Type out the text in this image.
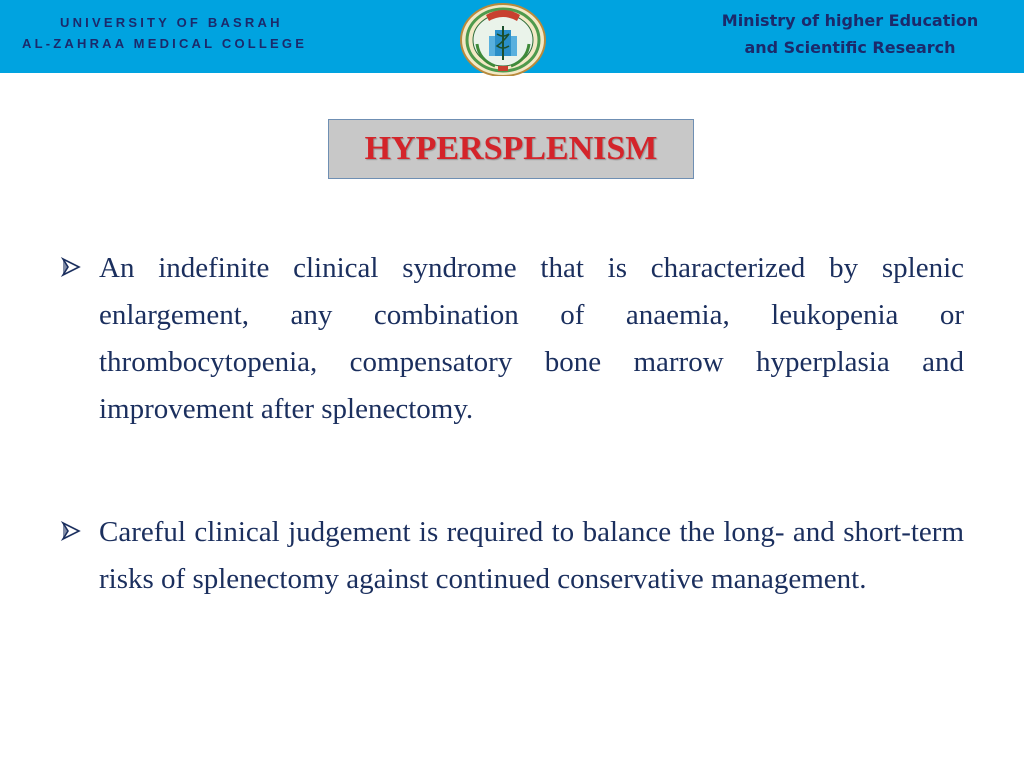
UNIVERSITY OF BASRAH
AL-ZAHRAA MEDICAL COLLEGE
Ministry of higher Education
and Scientific Research
HYPERSPLENISM
An indefinite clinical syndrome that is characterized by splenic enlargement, any combination of anaemia, leukopenia or thrombocytopenia, compensatory bone marrow hyperplasia and improvement after splenectomy.
Careful clinical judgement is required to balance the long- and short-term risks of splenectomy against continued conservative management.
